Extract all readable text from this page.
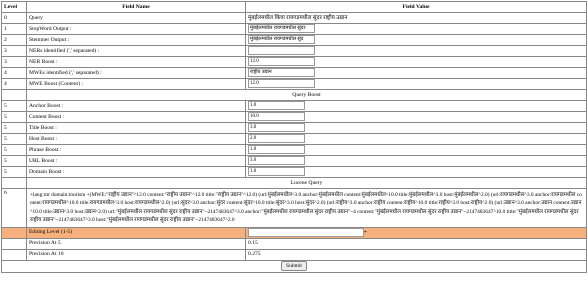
Level	Field Name	Field Value
0	Query	मुंबईलमधील किंवा रायगडमधील सुंदर राष्ट्रीय उद्यान
1	StopWord Output :	मुंबईलमधील रायगडमधील सुंदर
2	Stemmer Output :	मुंबईलमधील रायगडमधील सुंद
3	NERs identified (',' separated) :	
3	NER Boost :	12.0
4	MWEs identified (',' separated) :	राष्ट्रीय उद्यान
4	MWE Boost (Content) :	12.0
	Query Boost	
5	Anchor Boost :	1.0
5	Content Boost :	10.0
5	Title Boost :	3.0
5	Host Boost :	2.0
5	Phrase Boost :	1.0
5	URL Boost :	3.0
5	Domain Boost :	1.0
	Lucene Query	
6	+lang:mr domain:tourism +(MWE:"राष्ट्रीय उद्यान"^12.0 content:"राष्ट्रीय उद्यान"^12.0 title:"राष्ट्रीय उद्यान"^12.0) (url:मुंबईलमधील^3.0 anchor:मुंबईलमधील content:मुंबईलमधील^10.0 title:मुंबईलमधील^3.0 host:मुंबईलमधील^2.0) (url:रायगडमधील^3.0 anchor:रायगडमधील content:रायगडमधील^10.0 title:रायगडमधील^3.0 host:रायगडमधील^2.0) (url:सुंदर^3.0 anchor:सुंदर content:सुंदर^10.0 title:सुंदर^3.0 host:सुंदर^2.0) (url:राष्ट्रीय^3.0 anchor:राष्ट्रीय content:राष्ट्रीय^10.0 title:राष्ट्रीय^3.0 host:राष्ट्रीय^2.0) (url:उद्यान^3.0 anchor:उद्यान content:उद्यान^10.0 title:उद्यान^3.0 host:उद्यान^2.0) url:"मुंबईलमधील रायगडमधील सुंदर राष्ट्रीय उद्यान"~2147483647^3.0 anchor:"मुंबईलमधील रायगडमधील सुंदर राष्ट्रीय उद्यान"~4 content:"मुंबईलमधील रायगडमधील सुंदर राष्ट्रीय उद्यान"~2147483647^10.0 title:"मुंबईलमधील रायगडमधील सुंदर राष्ट्रीय उद्यान"~2147483647^3.0 host:"मुंबईलमधील रायगडमधील सुंदर राष्ट्रीय उद्यान"~2147483647^2.0	
	Editing Level (1-5)	*
	Precision At 5	0.15
	Precision At 10	0.275
Submit		
